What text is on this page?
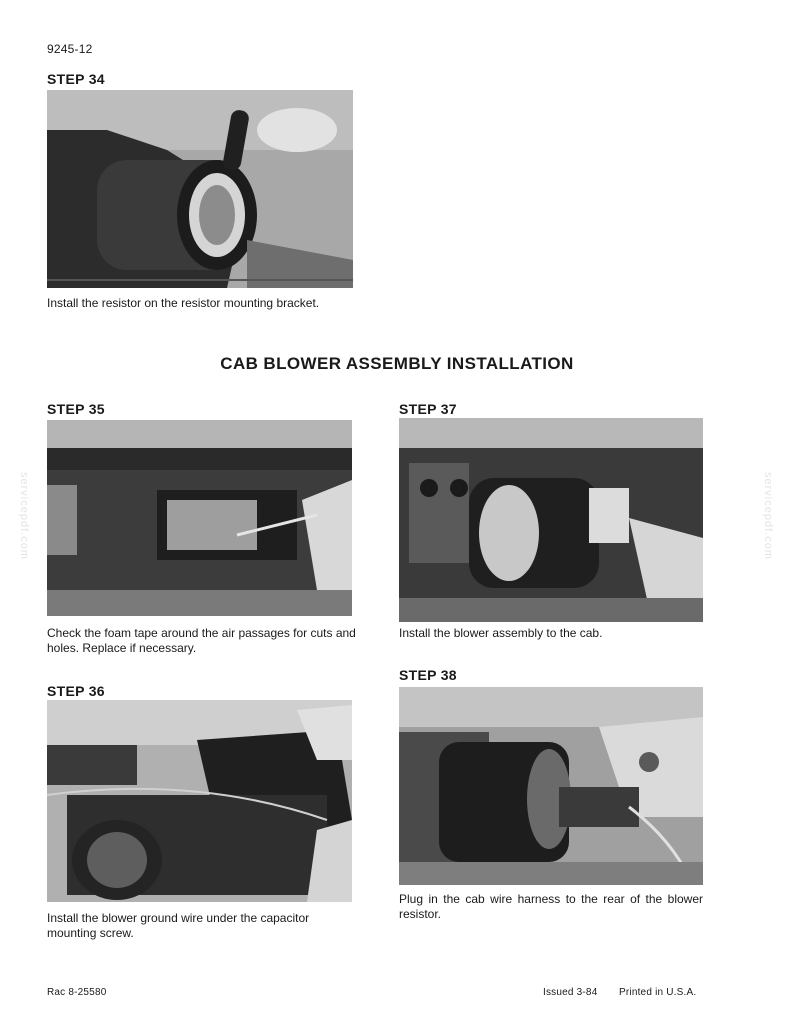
9245-12
STEP 34
Install the resistor on the resistor mounting bracket.
CAB BLOWER ASSEMBLY INSTALLATION
STEP 35
Check the foam tape around the air passages for cuts and holes. Replace if necessary.
STEP 36
Install the blower ground wire under the capacitor mounting screw.
STEP 37
Install the blower assembly to the cab.
STEP 38
Plug in the cab wire harness to the rear of the blower resistor.
servicepdf.com	servicepdf.com
Rac 8-25580	Issued 3-84 Printed in U.S.A.
